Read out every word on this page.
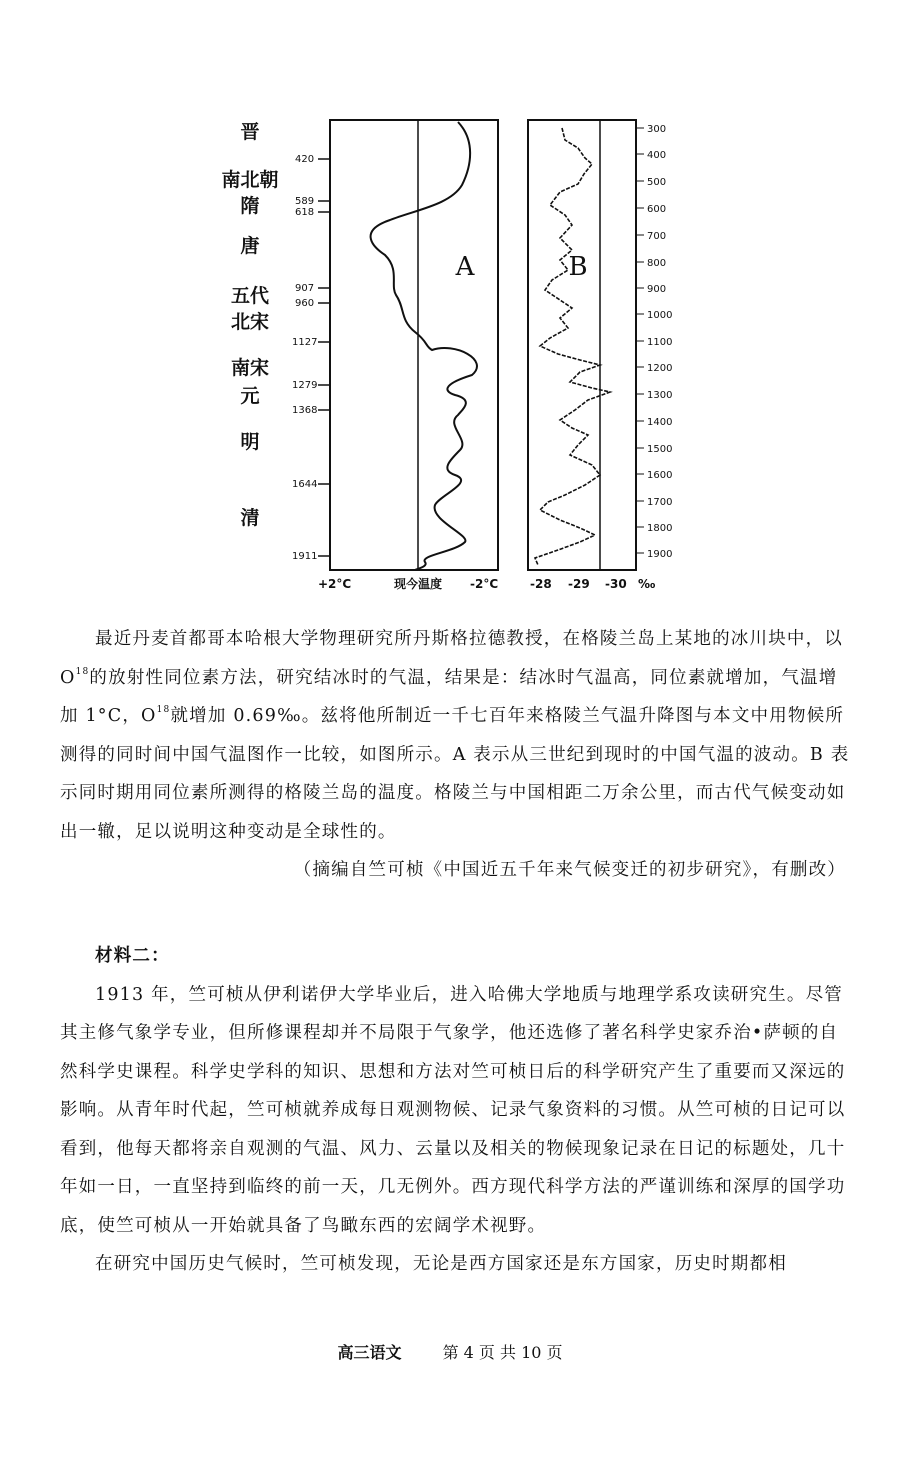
晋
南北朝
隋
唐
五代
北宋
南宋
元
明
清
420
589
618
907
960
1127
1279
1368
1644
1911
A	B
300
400
500
600
700
800
900
1000
1100
1200
1300
1400
1500
1600
1700
1800
1900
+2°C	现今温度 -2°C	-28 -29 -30 ‰

最近丹麦首都哥本哈根大学物理研究所丹斯格拉德教授，在格陵兰岛上某地的冰川块中，以 $O^{18}$的放射性同位素方法，研究结冰时的气温，结果是：结冰时气温高，同位素就增加，气温增加 1°C，$O^{18}$就增加 0.69‰。兹将他所制近一千七百年来格陵兰气温升降图与本文中用物候所测得的同时间中国气温图作一比较，如图所示。A 表示从三世纪到现时的中国气温的波动。B 表示同时期用同位素所测得的格陵兰岛的温度。格陵兰与中国相距二万余公里，而古代气候变动如出一辙，足以说明这种变动是全球性的。

（摘编自竺可桢《中国近五千年来气候变迁的初步研究》，有删改）

材料二：

1913 年，竺可桢从伊利诺伊大学毕业后，进入哈佛大学地质与地理学系攻读研究生。尽管其主修气象学专业，但所修课程却并不局限于气象学，他还选修了著名科学史家乔治•萨顿的自然科学史课程。科学史学科的知识、思想和方法对竺可桢日后的科学研究产生了重要而又深远的影响。从青年时代起，竺可桢就养成每日观测物候、记录气象资料的习惯。从竺可桢的日记可以看到，他每天都将亲自观测的气温、风力、云量以及相关的物候现象记录在日记的标题处，几十年如一日，一直坚持到临终的前一天，几无例外。西方现代科学方法的严谨训练和深厚的国学功底，使竺可桢从一开始就具备了鸟瞰东西的宏阔学术视野。

在研究中国历史气候时，竺可桢发现，无论是西方国家还是东方国家，历史时期都相

高三语文	第 4 页 共 10 页
